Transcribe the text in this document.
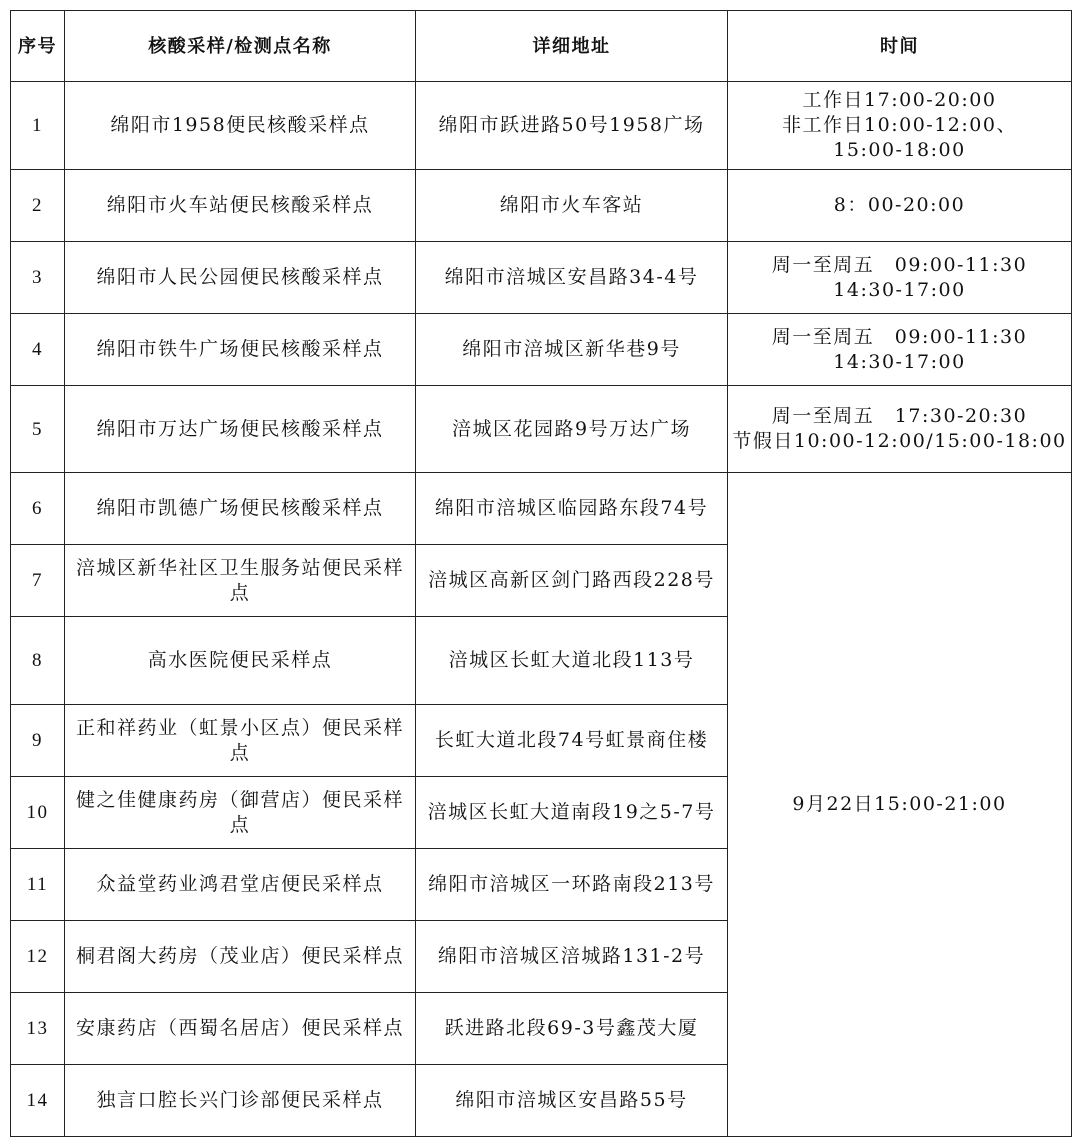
序号	核酸采样/检测点名称	详细地址	时间
1	绵阳市1958便民核酸采样点	绵阳市跃进路50号1958广场	工作日17:00-20:00
非工作日10:00-12:00、
15:00-18:00

2	绵阳市火车站便民核酸采样点	绵阳市火车客站	8：00-20:00

3	绵阳市人民公园便民核酸采样点	绵阳市涪城区安昌路34-4号	周一至周五　09:00-11:30
14:30-17:00

4	绵阳市铁牛广场便民核酸采样点	绵阳市涪城区新华巷9号	周一至周五　09:00-11:30
14:30-17:00

5	绵阳市万达广场便民核酸采样点	涪城区花园路9号万达广场	周一至周五　17:30-20:30
节假日10:00-12:00/15:00-18:00

6	绵阳市凯德广场便民核酸采样点	绵阳市涪城区临园路东段74号	9月22日15:00-21:00
7	涪城区新华社区卫生服务站便民采样点	涪城区高新区剑门路西段228号	
8	高水医院便民采样点	涪城区长虹大道北段113号	
9	正和祥药业（虹景小区点）便民采样点	长虹大道北段74号虹景商住楼	
10	健之佳健康药房（御营店）便民采样点	涪城区长虹大道南段19之5-7号	
11	众益堂药业鸿君堂店便民采样点	绵阳市涪城区一环路南段213号	
12	桐君阁大药房（茂业店）便民采样点	绵阳市涪城区涪城路131-2号	
13	安康药店（西蜀名居店）便民采样点	跃进路北段69-3号鑫茂大厦	
14	独言口腔长兴门诊部便民采样点	绵阳市涪城区安昌路55号	
